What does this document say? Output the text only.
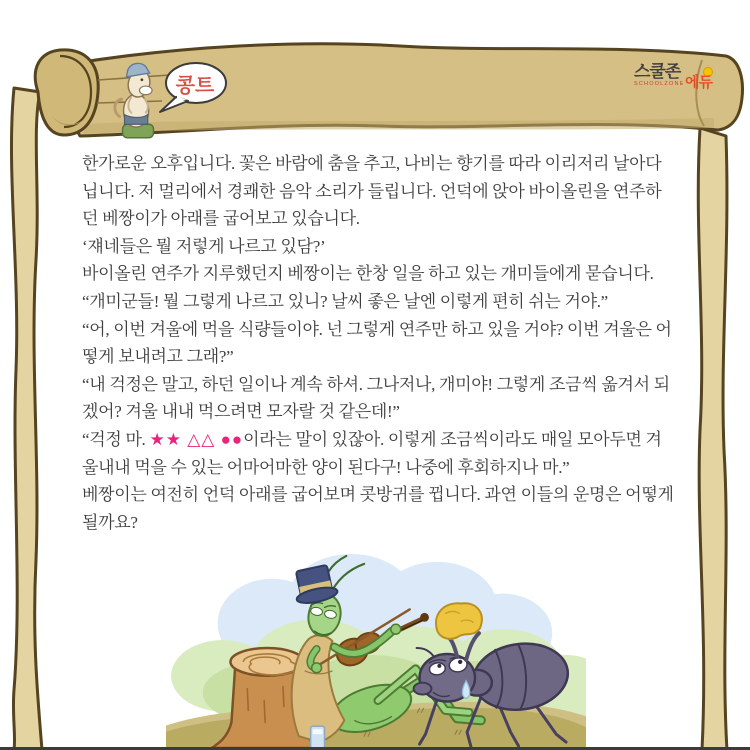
콩트
스쿨존
SCHOOLZONE 에듀

한가로운 오후입니다. 꽃은 바람에 춤을 추고, 나비는 향기를 따라 이리저리 날아다닙니다. 저 멀리에서 경쾌한 음악 소리가 들립니다. 언덕에 앉아 바이올린을 연주하던 베짱이가 아래를 굽어보고 있습니다.

‘쟤네들은 뭘 저렇게 나르고 있담?’

바이올린 연주가 지루했던지 베짱이는 한창 일을 하고 있는 개미들에게 묻습니다.

“개미군들! 뭘 그렇게 나르고 있니? 날씨 좋은 날엔 이렇게 편히 쉬는 거야.”

“어, 이번 겨울에 먹을 식량들이야. 넌 그렇게 연주만 하고 있을 거야? 이번 겨울은 어떻게 보내려고 그래?”

“내 걱정은 말고, 하던 일이나 계속 하셔. 그나저나, 개미야! 그렇게 조금씩 옮겨서 되겠어? 겨울 내내 먹으려면 모자랄 것 같은데!”

“걱정 마. ★★ △△ ●●이라는 말이 있잖아. 이렇게 조금씩이라도 매일 모아두면 겨울내내 먹을 수 있는 어마어마한 양이 된다구! 나중에 후회하지나 마.”

베짱이는 여전히 언덕 아래를 굽어보며 콧방귀를 뀝니다. 과연 이들의 운명은 어떻게 될까요?
